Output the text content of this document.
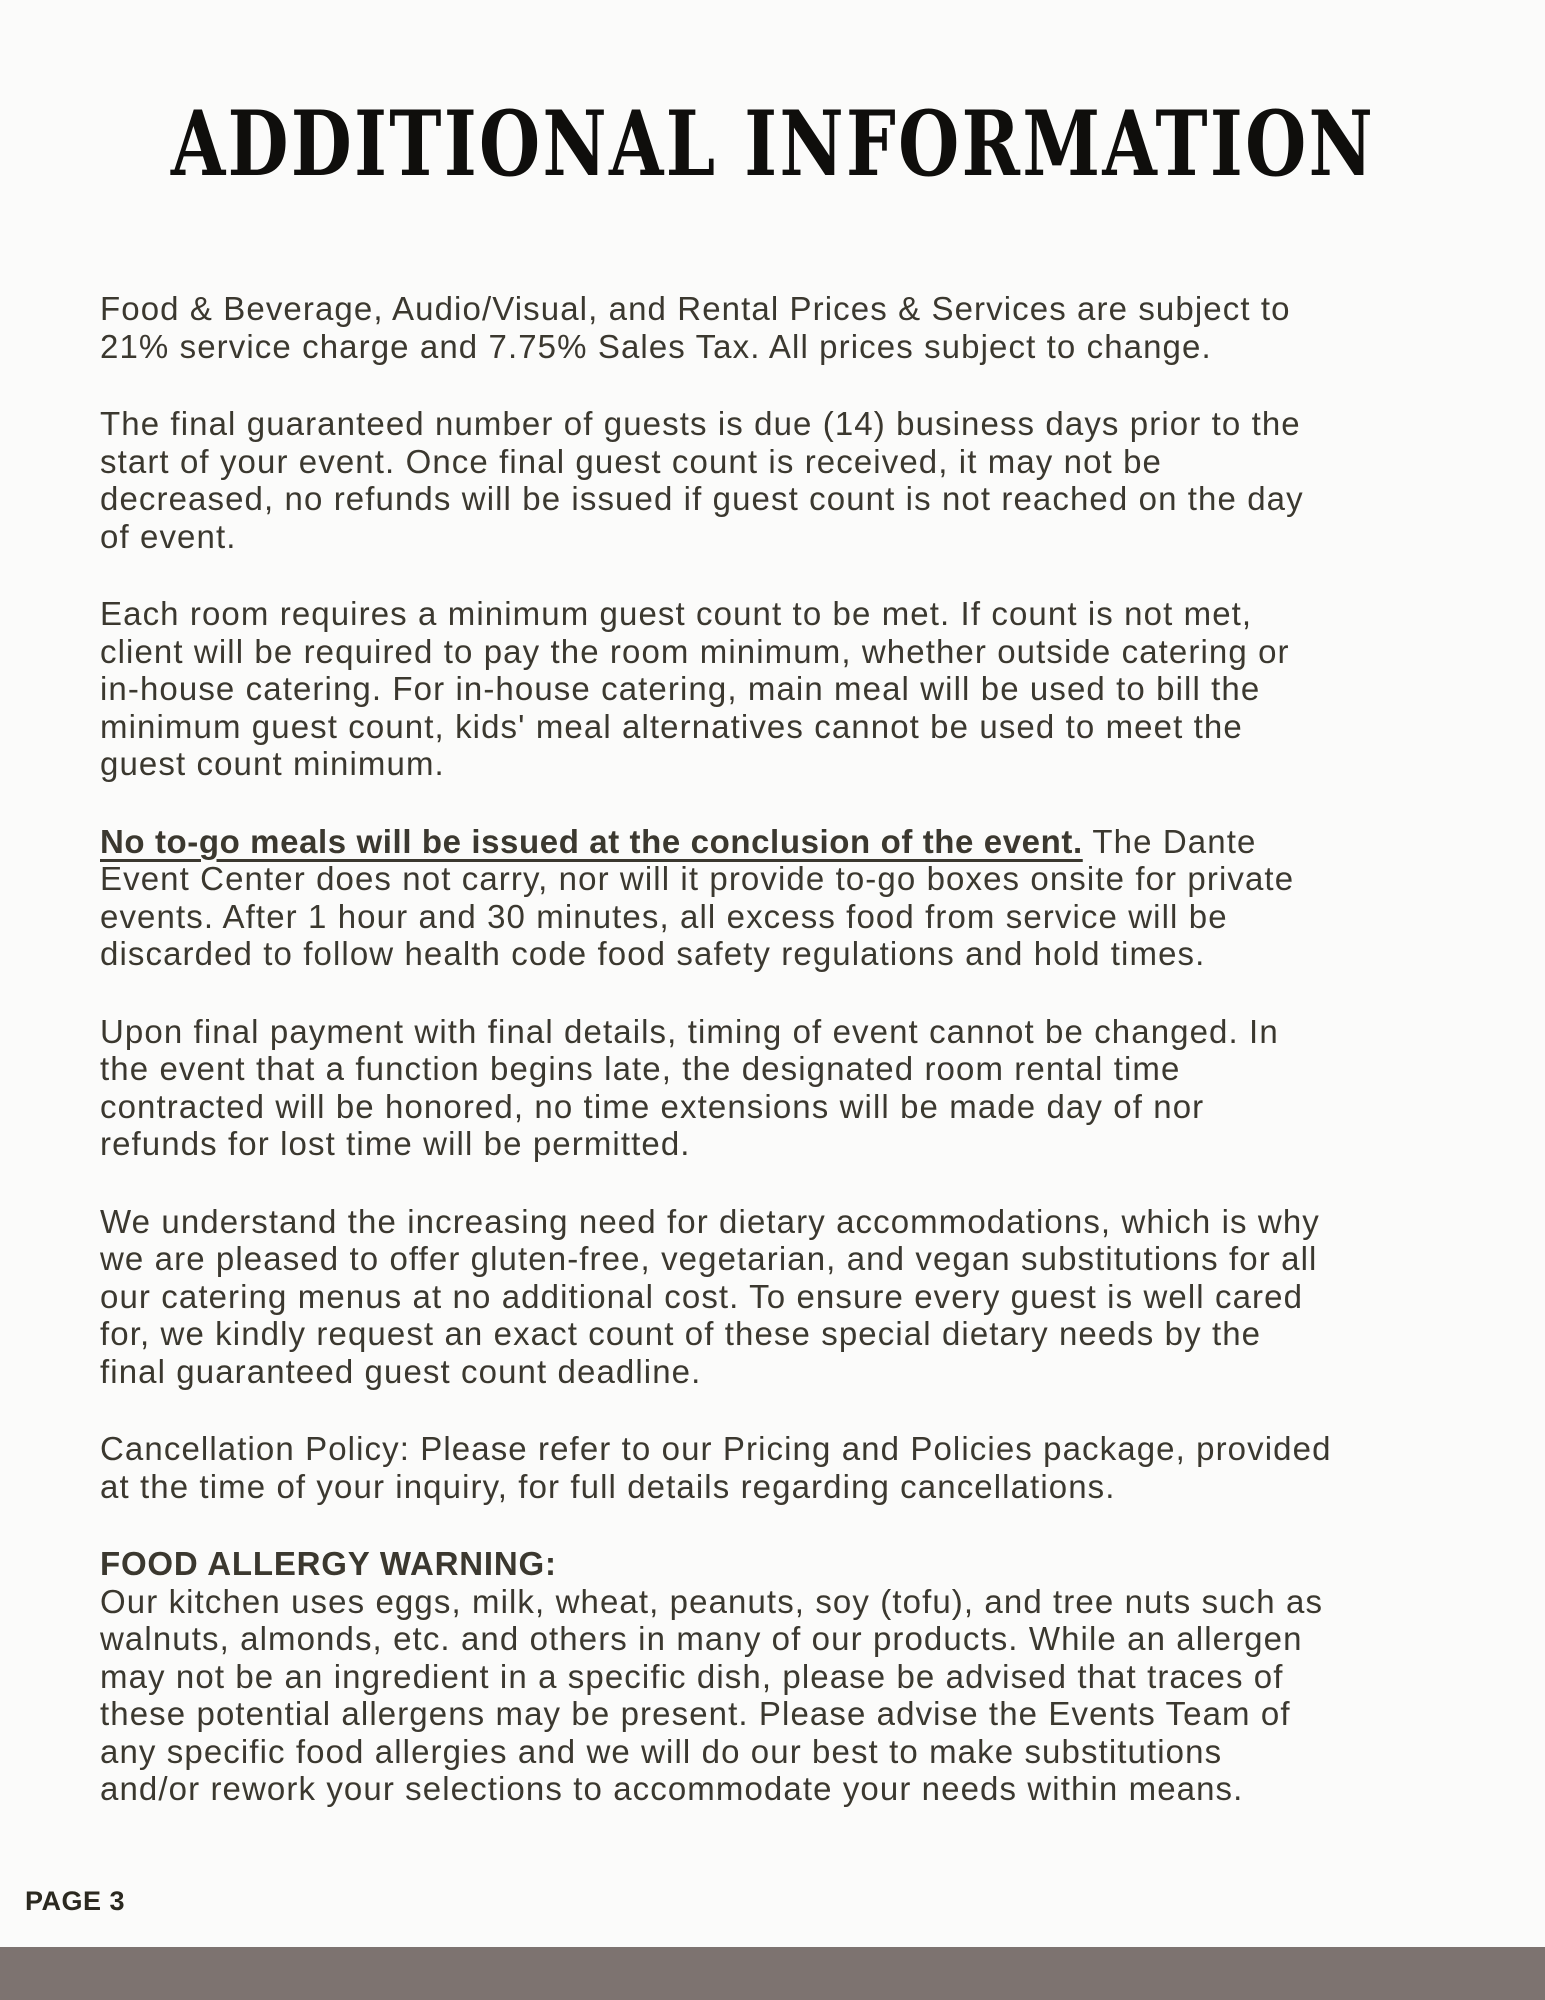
ADDITIONAL INFORMATION
Food & Beverage, Audio/Visual, and Rental Prices & Services are subject to
21% service charge and 7.75% Sales Tax. All prices subject to change.
The final guaranteed number of guests is due (14) business days prior to the
start of your event. Once final guest count is received, it may not be
decreased, no refunds will be issued if guest count is not reached on the day
of event.
Each room requires a minimum guest count to be met. If count is not met,
client will be required to pay the room minimum, whether outside catering or
in-house catering. For in-house catering, main meal will be used to bill the
minimum guest count, kids' meal alternatives cannot be used to meet the
guest count minimum.
No to-go meals will be issued at the conclusion of the event. The Dante
Event Center does not carry, nor will it provide to-go boxes onsite for private
events. After 1 hour and 30 minutes, all excess food from service will be
discarded to follow health code food safety regulations and hold times.
Upon final payment with final details, timing of event cannot be changed. In
the event that a function begins late, the designated room rental time
contracted will be honored, no time extensions will be made day of nor
refunds for lost time will be permitted.
We understand the increasing need for dietary accommodations, which is why
we are pleased to offer gluten-free, vegetarian, and vegan substitutions for all
our catering menus at no additional cost. To ensure every guest is well cared
for, we kindly request an exact count of these special dietary needs by the
final guaranteed guest count deadline.
Cancellation Policy: Please refer to our Pricing and Policies package, provided
at the time of your inquiry, for full details regarding cancellations.
FOOD ALLERGY WARNING:
Our kitchen uses eggs, milk, wheat, peanuts, soy (tofu), and tree nuts such as
walnuts, almonds, etc. and others in many of our products. While an allergen
may not be an ingredient in a specific dish, please be advised that traces of
these potential allergens may be present. Please advise the Events Team of
any specific food allergies and we will do our best to make substitutions
and/or rework your selections to accommodate your needs within means.
PAGE 3
